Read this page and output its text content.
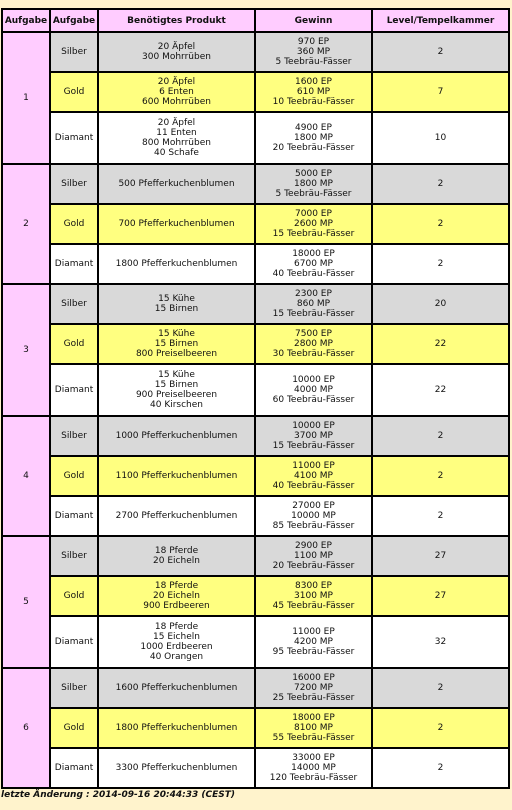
Aufgabe	Aufgabe	Benötigtes Produkt	Gewinn	Level/Tempelkammer
1	Silber	20 Äpfel
300 Mohrrüben	970 EP
360 MP
5 Teebräu-Fässer	2
	Gold	20 Äpfel
6 Enten
600 Mohrrüben	1600 EP
610 MP
10 Teebräu-Fässer	7
	Diamant	20 Äpfel
11 Enten
800 Mohrrüben
40 Schafe	4900 EP
1800 MP
20 Teebräu-Fässer	10
2	Silber	500 Pfefferkuchenblumen	5000 EP
1800 MP
5 Teebräu-Fässer	2
	Gold	700 Pfefferkuchenblumen	7000 EP
2600 MP
15 Teebräu-Fässer	2
	Diamant	1800 Pfefferkuchenblumen	18000 EP
6700 MP
40 Teebräu-Fässer	2
3	Silber	15 Kühe
15 Birnen	2300 EP
860 MP
15 Teebräu-Fässer	20
	Gold	15 Kühe
15 Birnen
800 Preiselbeeren	7500 EP
2800 MP
30 Teebräu-Fässer	22
	Diamant	15 Kühe
15 Birnen
900 Preiselbeeren
40 Kirschen	10000 EP
4000 MP
60 Teebräu-Fässer	22
4	Silber	1000 Pfefferkuchenblumen	10000 EP
3700 MP
15 Teebräu-Fässer	2
	Gold	1100 Pfefferkuchenblumen	11000 EP
4100 MP
40 Teebräu-Fässer	2
	Diamant	2700 Pfefferkuchenblumen	27000 EP
10000 MP
85 Teebräu-Fässer	2
5	Silber	18 Pferde
20 Eicheln	2900 EP
1100 MP
20 Teebräu-Fässer	27
	Gold	18 Pferde
20 Eicheln
900 Erdbeeren	8300 EP
3100 MP
45 Teebräu-Fässer	27
	Diamant	18 Pferde
15 Eicheln
1000 Erdbeeren
40 Orangen	11000 EP
4200 MP
95 Teebräu-Fässer	32
6	Silber	1600 Pfefferkuchenblumen	16000 EP
7200 MP
25 Teebräu-Fässer	2
	Gold	1800 Pfefferkuchenblumen	18000 EP
8100 MP
55 Teebräu-Fässer	2
	Diamant	3300 Pfefferkuchenblumen	33000 EP
14000 MP
120 Teebräu-Fässer	2
letzte Änderung : 2014-09-16 20:44:33 (CEST)
